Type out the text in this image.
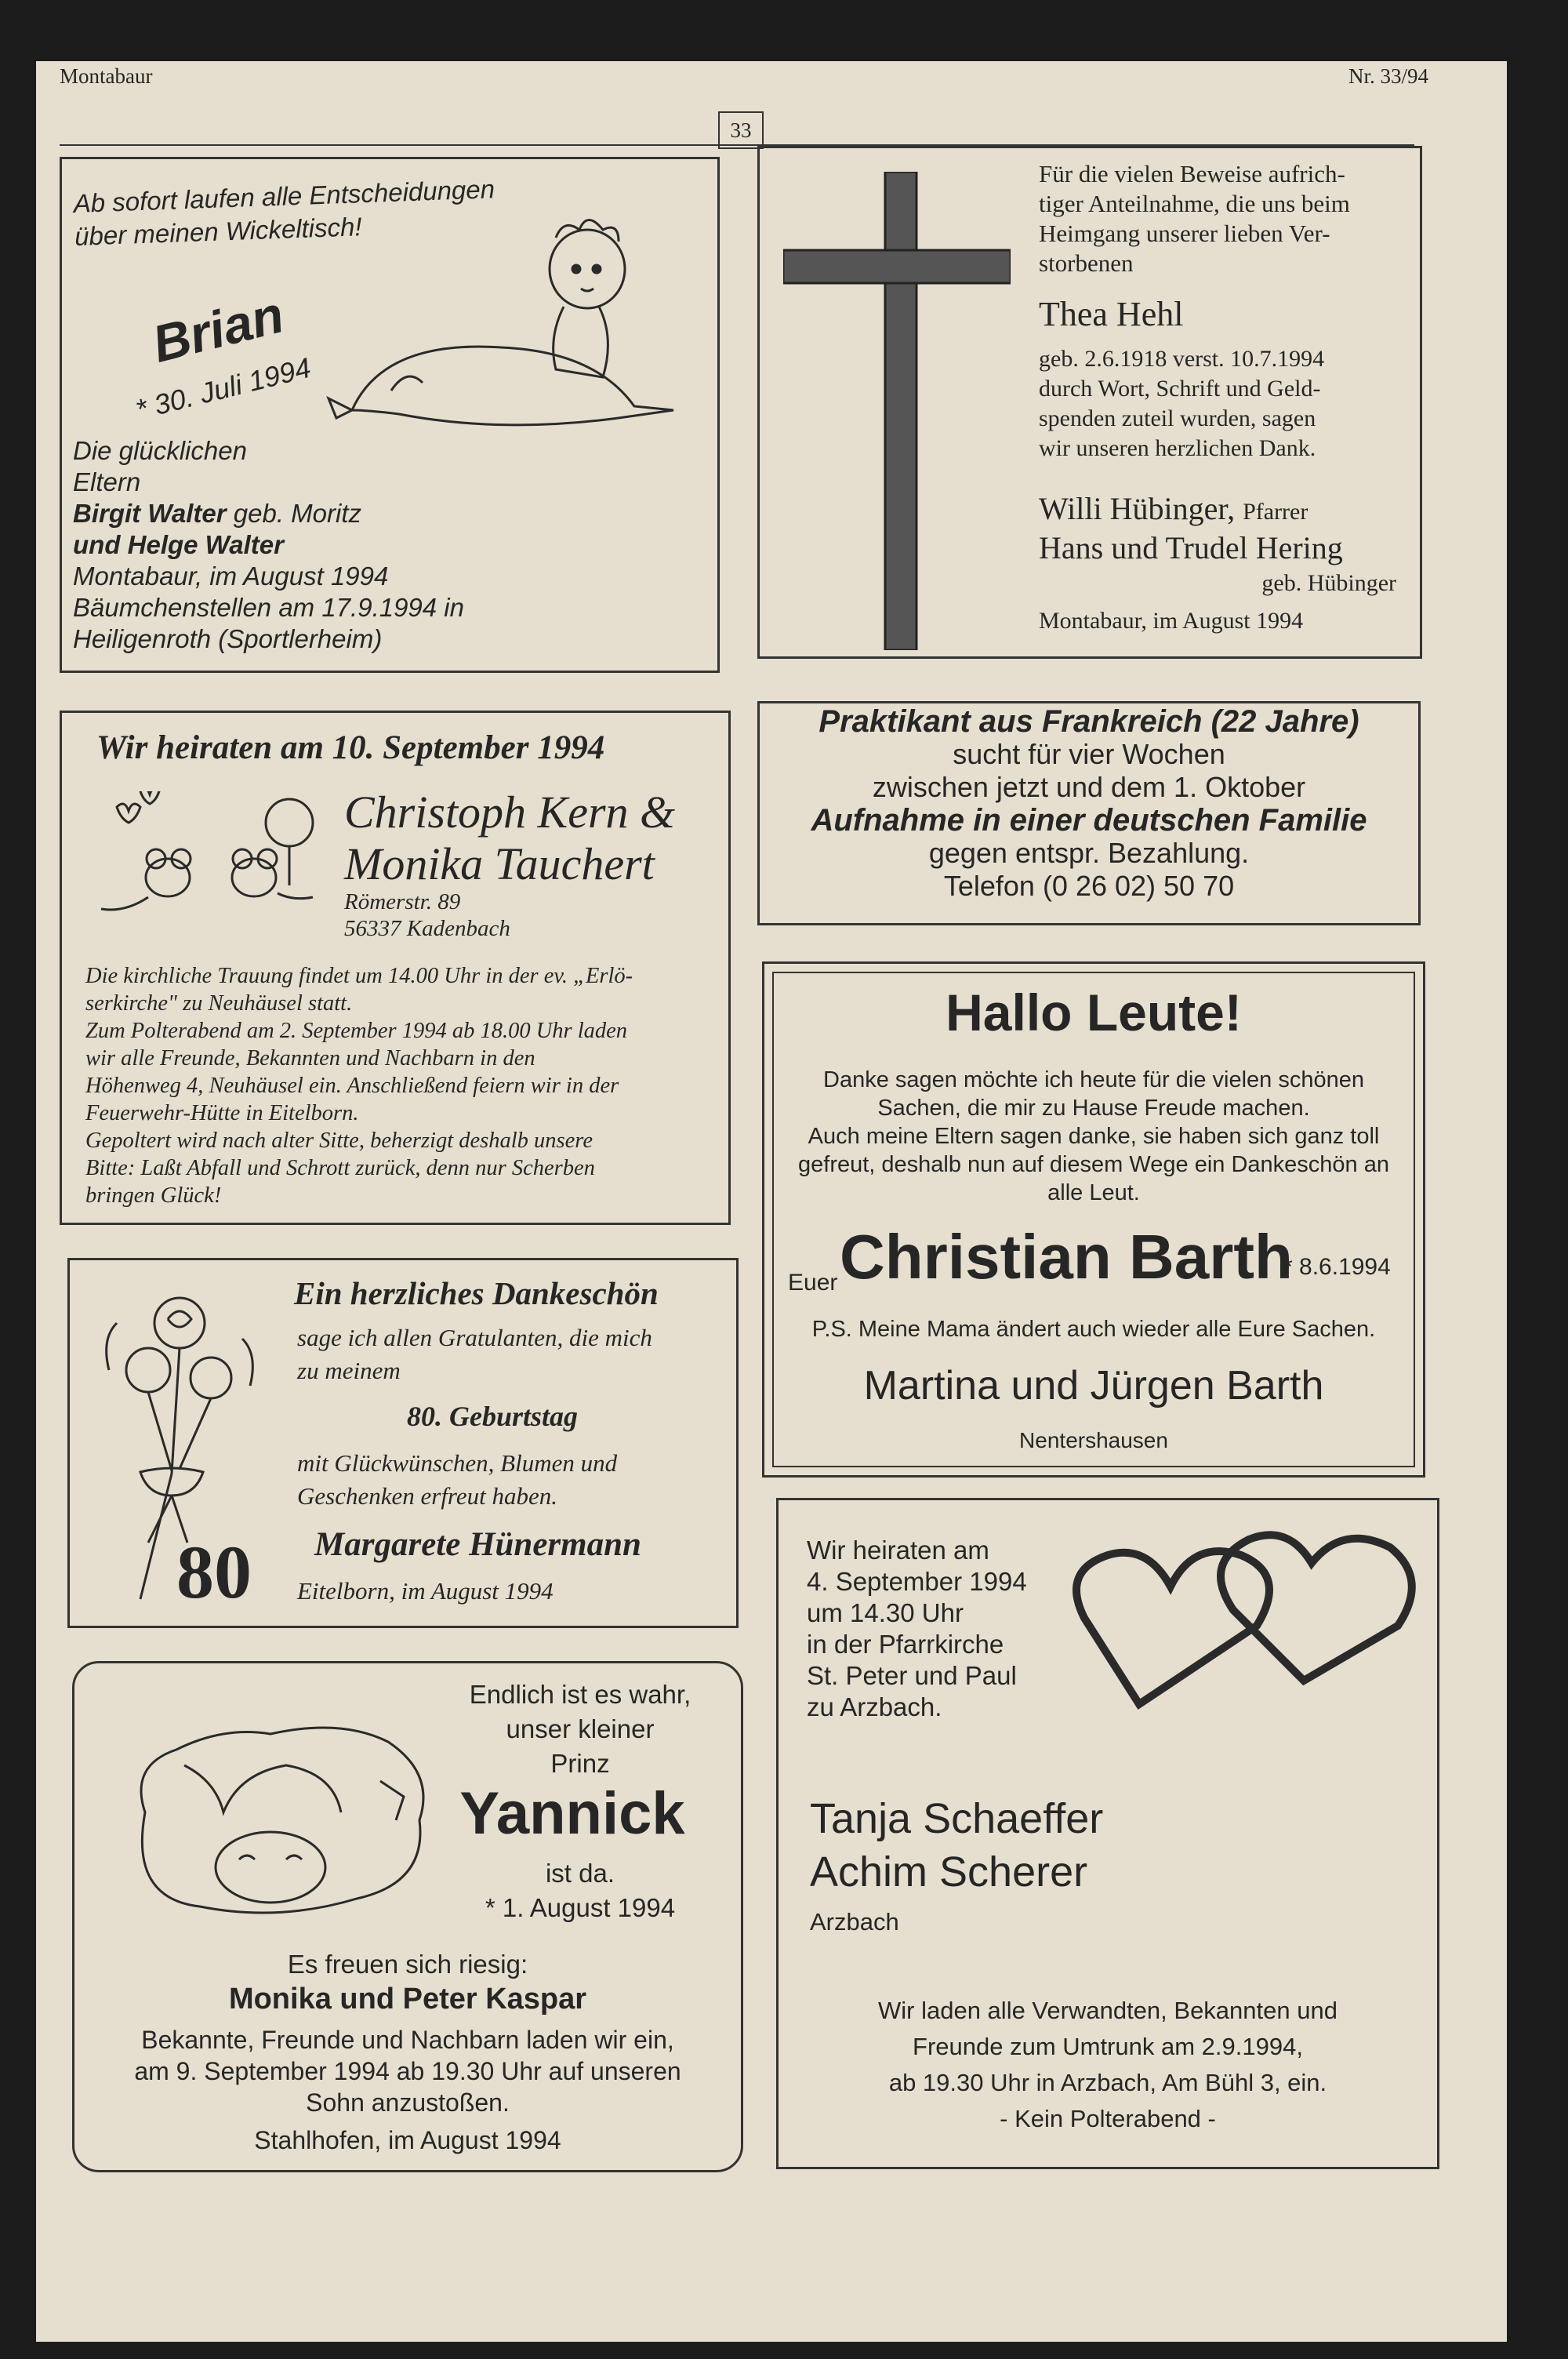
Montabaur
33
Nr. 33/94
Ab sofort laufen alle Entscheidungen
über meinen Wickeltisch!
Brian
* 30. Juli 1994
Die glücklichen
Eltern
Birgit Walter geb. Moritz
und Helge Walter
Montabaur, im August 1994
Bäumchenstellen am 17.9.1994 in
Heiligenroth (Sportlerheim)
Für die vielen Beweise aufrich-
tiger Anteilnahme, die uns beim
Heimgang unserer lieben Ver-
storbenen
Thea Hehl
geb. 2.6.1918 verst. 10.7.1994
durch Wort, Schrift und Geld-
spenden zuteil wurden, sagen
wir unseren herzlichen Dank.
Willi Hübinger, Pfarrer
Hans und Trudel Hering
geb. Hübinger
Montabaur, im August 1994
Wir heiraten am 10. September 1994
Christoph Kern &
Monika Tauchert
Römerstr. 89
56337 Kadenbach
Die kirchliche Trauung findet um 14.00 Uhr in der ev. „Erlö-
serkirche" zu Neuhäusel statt.
Zum Polterabend am 2. September 1994 ab 18.00 Uhr laden
wir alle Freunde, Bekannten und Nachbarn in den
Höhenweg 4, Neuhäusel ein. Anschließend feiern wir in der
Feuerwehr-Hütte in Eitelborn.
Gepoltert wird nach alter Sitte, beherzigt deshalb unsere
Bitte: Laßt Abfall und Schrott zurück, denn nur Scherben
bringen Glück!
Praktikant aus Frankreich (22 Jahre)
sucht für vier Wochen
zwischen jetzt und dem 1. Oktober
Aufnahme in einer deutschen Familie
gegen entspr. Bezahlung.
Telefon (0 26 02) 50 70
Hallo Leute!
Danke sagen möchte ich heute für die vielen schönen
Sachen, die mir zu Hause Freude machen.
Auch meine Eltern sagen danke, sie haben sich ganz toll
gefreut, deshalb nun auf diesem Wege ein Dankeschön an
alle Leut.
Euer Christian Barth
* 8.6.1994
P.S. Meine Mama ändert auch wieder alle Eure Sachen.
Martina und Jürgen Barth
Nentershausen
80
Ein herzliches Dankeschön
sage ich allen Gratulanten, die mich
zu meinem
80. Geburtstag
mit Glückwünschen, Blumen und
Geschenken erfreut haben.
Margarete Hünermann
Eitelborn, im August 1994
Endlich ist es wahr,
unser kleiner
Prinz
Yannick
ist da.
* 1. August 1994
Es freuen sich riesig:
Monika und Peter Kaspar
Bekannte, Freunde und Nachbarn laden wir ein,
am 9. September 1994 ab 19.30 Uhr auf unseren
Sohn anzustoßen.
Stahlhofen, im August 1994
Wir heiraten am
4. September 1994
um 14.30 Uhr
in der Pfarrkirche
St. Peter und Paul
zu Arzbach.
Tanja Schaeffer
Achim Scherer
Arzbach
Wir laden alle Verwandten, Bekannten und
Freunde zum Umtrunk am 2.9.1994,
ab 19.30 Uhr in Arzbach, Am Bühl 3, ein.
- Kein Polterabend -
